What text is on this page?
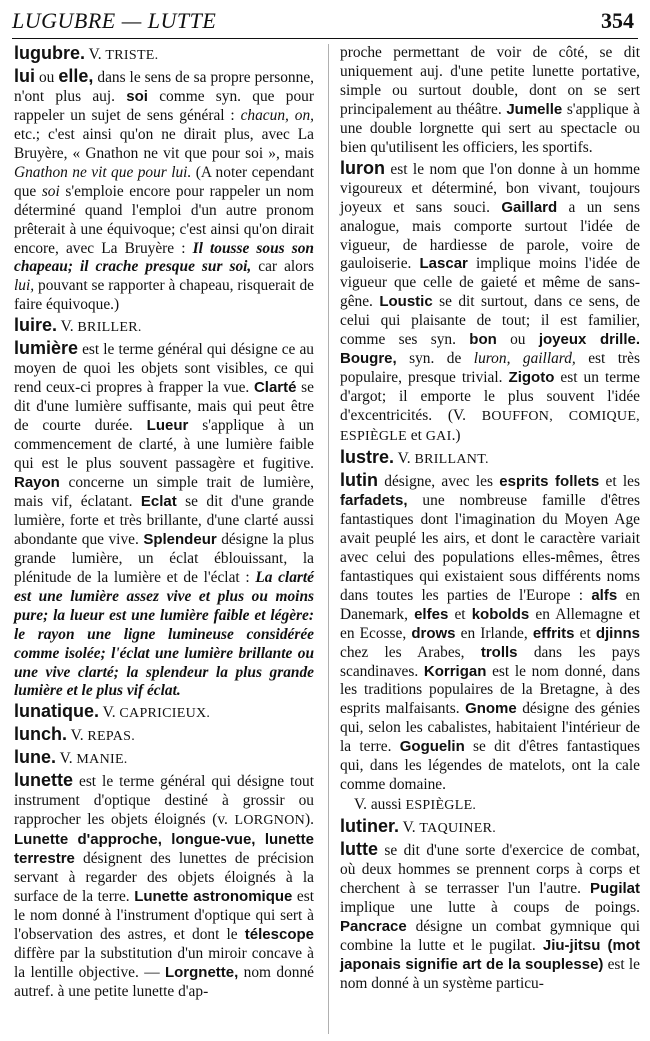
LUGUBRE — LUTTE	354

lugubre. V. TRISTE.

lui ou elle, dans le sens de sa propre personne, n'ont plus auj. soi comme syn. que pour rappeler un sujet de sens général : chacun, on, etc.; c'est ainsi qu'on ne dirait plus, avec La Bruyère, « Gnathon ne vit que pour soi », mais Gnathon ne vit que pour lui. (A noter cependant que soi s'emploie encore pour rappeler un nom déterminé quand l'emploi d'un autre pronom prêterait à une équivoque; c'est ainsi qu'on dirait encore, avec La Bruyère : Il tousse sous son chapeau; il crache presque sur soi, car alors lui, pouvant se rapporter à chapeau, risquerait de faire équivoque.)

luire. V. BRILLER.

lumière est le terme général qui désigne ce au moyen de quoi les objets sont visibles, ce qui rend ceux-ci propres à frapper la vue. Clarté se dit d'une lumière suffisante, mais qui peut être de courte durée. Lueur s'applique à un commencement de clarté, à une lumière faible qui est le plus souvent passagère et fugitive. Rayon concerne un simple trait de lumière, mais vif, éclatant. Eclat se dit d'une grande lumière, forte et très brillante, d'une clarté aussi abondante que vive. Splendeur désigne la plus grande lumière, un éclat éblouissant, la plénitude de la lumière et de l'éclat : La clarté est une lumière assez vive et plus ou moins pure; la lueur est une lumière faible et légère: le rayon une ligne lumineuse considérée comme isolée; l'éclat une lumière brillante ou une vive clarté; la splendeur la plus grande lumière et le plus vif éclat.

lunatique. V. CAPRICIEUX.

lunch. V. REPAS.

lune. V. MANIE.

lunette est le terme général qui désigne tout instrument d'optique destiné à grossir ou rapprocher les objets éloignés (v. LORGNON). Lunette d'approche, longue-vue, lunette terrestre désignent des lunettes de précision servant à regarder des objets éloignés à la surface de la terre. Lunette astronomique est le nom donné à l'instrument d'optique qui sert à l'observation des astres, et dont le télescope diffère par la substitution d'un miroir concave à la lentille objective. — Lorgnette, nom donné autref. à une petite lunette d'ap-

proche permettant de voir de côté, se dit uniquement auj. d'une petite lunette portative, simple ou surtout double, dont on se sert principalement au théâtre. Jumelle s'applique à une double lorgnette qui sert au spectacle ou bien qu'utilisent les officiers, les sportifs.

luron est le nom que l'on donne à un homme vigoureux et déterminé, bon vivant, toujours joyeux et sans souci. Gaillard a un sens analogue, mais comporte surtout l'idée de vigueur, de hardiesse de parole, voire de gauloiserie. Lascar implique moins l'idée de vigueur que celle de gaieté et même de sans-gêne. Loustic se dit surtout, dans ce sens, de celui qui plaisante de tout; il est familier, comme ses syn. bon ou joyeux drille. Bougre, syn. de luron, gaillard, est très populaire, presque trivial. Zigoto est un terme d'argot; il emporte le plus souvent l'idée d'excentricités. (V. BOUFFON, COMIQUE, ESPIÈGLE et GAI.)

lustre. V. BRILLANT.

lutin désigne, avec les esprits follets et les farfadets, une nombreuse famille d'êtres fantastiques dont l'imagination du Moyen Age avait peuplé les airs, et dont le caractère variait avec celui des populations elles-mêmes, êtres fantastiques qui existaient sous différents noms dans toutes les parties de l'Europe : alfs en Danemark, elfes et kobolds en Allemagne et en Ecosse, drows en Irlande, effrits et djinns chez les Arabes, trolls dans les pays scandinaves. Korrigan est le nom donné, dans les traditions populaires de la Bretagne, à des esprits malfaisants. Gnome désigne des génies qui, selon les cabalistes, habitaient l'intérieur de la terre. Goguelin se dit d'êtres fantastiques qui, dans les légendes de matelots, ont la cale comme domaine.

V. aussi ESPIÈGLE.

lutiner. V. TAQUINER.

lutte se dit d'une sorte d'exercice de combat, où deux hommes se prennent corps à corps et cherchent à se terrasser l'un l'autre. Pugilat implique une lutte à coups de poings. Pancrace désigne un combat gymnique qui combine la lutte et le pugilat. Jiu-jitsu (mot japonais signifie art de la souplesse) est le nom donné à un système particu-
